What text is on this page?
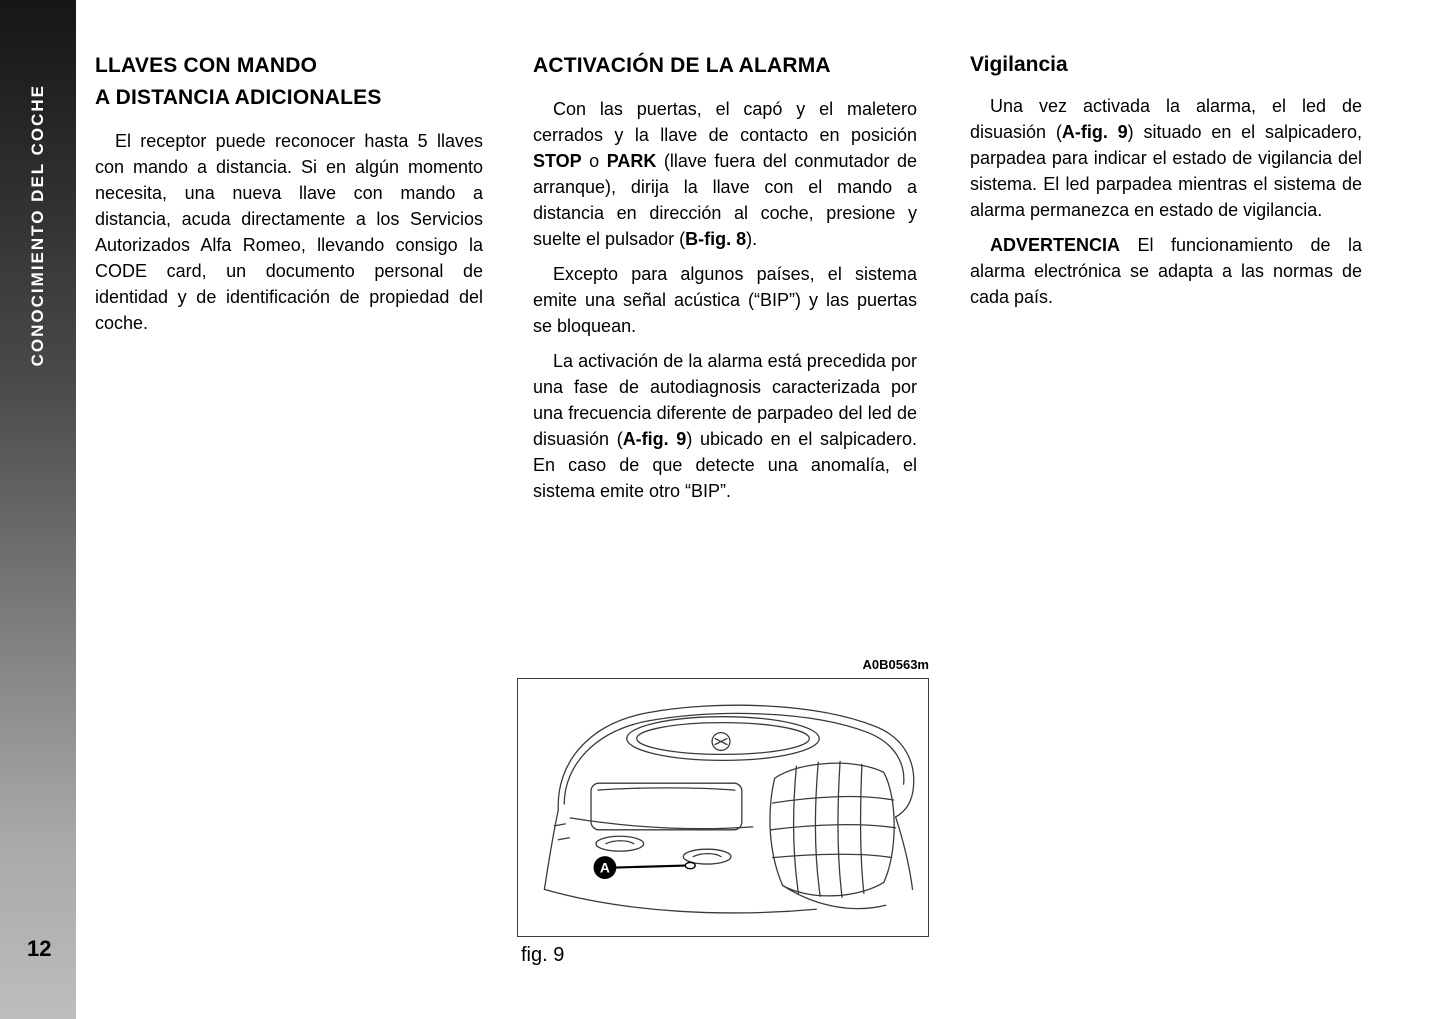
CONOCIMIENTO DEL COCHE
12
LLAVES CON MANDO
A DISTANCIA ADICIONALES

El receptor puede reconocer hasta 5 llaves con mando a distancia. Si en algún momento necesita, una nueva llave con mando a distancia, acuda directamente a los Servicios Autorizados Alfa Romeo, llevando consigo la CODE card, un documento personal de identidad y de identificación de propiedad del coche.

ACTIVACIÓN DE LA ALARMA

Con las puertas, el capó y el maletero cerrados y la llave de contacto en posición STOP o PARK (llave fuera del conmutador de arranque), dirija la llave con el mando a distancia en dirección al coche, presione y suelte el pulsador (B-fig. 8).

Excepto para algunos países, el sistema emite una señal acústica (“BIP”) y las puertas se bloquean.

La activación de la alarma está precedida por una fase de autodiagnosis caracterizada por una frecuencia diferente de parpadeo del led de disuasión (A-fig. 9) ubicado en el salpicadero. En caso de que detecte una anomalía, el sistema emite otro “BIP”.

Vigilancia

Una vez activada la alarma, el led de disuasión (A-fig. 9) situado en el salpicadero, parpadea para indicar el estado de vigilancia del sistema. El led parpadea mientras el sistema de alarma permanezca en estado de vigilancia.

ADVERTENCIA El funcionamiento de la alarma electrónica se adapta a las normas de cada país.

A0B0563m
A
fig. 9
